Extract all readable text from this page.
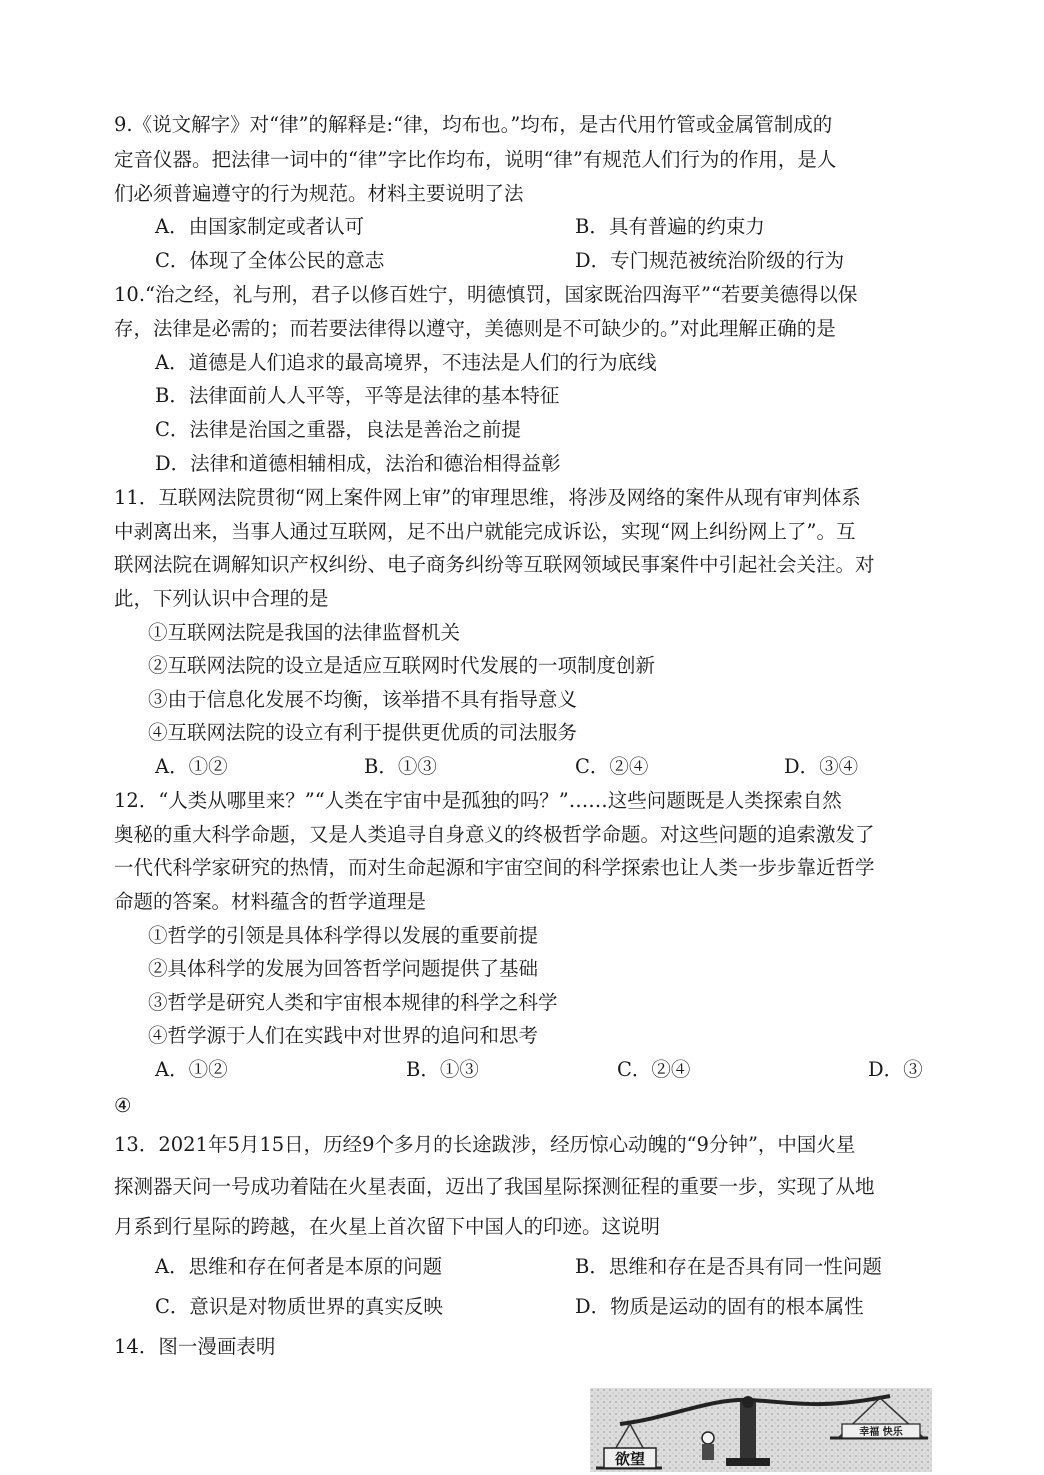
9.《说文解字》对“律”的解释是:“律，均布也。”均布，是古代用竹管或金属管制成的
定音仪器。把法律一词中的“律”字比作均布，说明“律”有规范人们行为的作用，是人
们必须普遍遵守的行为规范。材料主要说明了法
A．由国家制定或者认可	B．具有普遍的约束力
C．体现了全体公民的意志	D．专门规范被统治阶级的行为
10.“治之经，礼与刑，君子以修百姓宁，明德慎罚，国家既治四海平”“若要美德得以保
存，法律是必需的；而若要法律得以遵守，美德则是不可缺少的。”对此理解正确的是
A．道德是人们追求的最高境界，不违法是人们的行为底线
B．法律面前人人平等，平等是法律的基本特征
C．法律是治国之重器，良法是善治之前提
D．法律和道德相辅相成，法治和德治相得益彰
11．互联网法院贯彻“网上案件网上审”的审理思维，将涉及网络的案件从现有审判体系
中剥离出来，当事人通过互联网，足不出户就能完成诉讼，实现“网上纠纷网上了”。互
联网法院在调解知识产权纠纷、电子商务纠纷等互联网领域民事案件中引起社会关注。对
此，下列认识中合理的是
①互联网法院是我国的法律监督机关
②互联网法院的设立是适应互联网时代发展的一项制度创新
③由于信息化发展不均衡，该举措不具有指导意义
④互联网法院的设立有利于提供更优质的司法服务
A．①②	B．①③	C．②④	D．③④
12．“人类从哪里来？”“人类在宇宙中是孤独的吗？”……这些问题既是人类探索自然
奥秘的重大科学命题，又是人类追寻自身意义的终极哲学命题。对这些问题的追索激发了
一代代科学家研究的热情，而对生命起源和宇宙空间的科学探索也让人类一步步靠近哲学
命题的答案。材料蕴含的哲学道理是
①哲学的引领是具体科学得以发展的重要前提
②具体科学的发展为回答哲学问题提供了基础
③哲学是研究人类和宇宙根本规律的科学之科学
④哲学源于人们在实践中对世界的追问和思考
A．①②	B．①③	C．②④	D．③
④
13．2021年5月15日，历经9个多月的长途跋涉，经历惊心动魄的“9分钟”，中国火星
探测器天问一号成功着陆在火星表面，迈出了我国星际探测征程的重要一步，实现了从地
月系到行星际的跨越，在火星上首次留下中国人的印迹。这说明
A．思维和存在何者是本原的问题	B．思维和存在是否具有同一性问题
C．意识是对物质世界的真实反映	D．物质是运动的固有的根本属性
14．图一漫画表明
欲望
幸福 快乐
